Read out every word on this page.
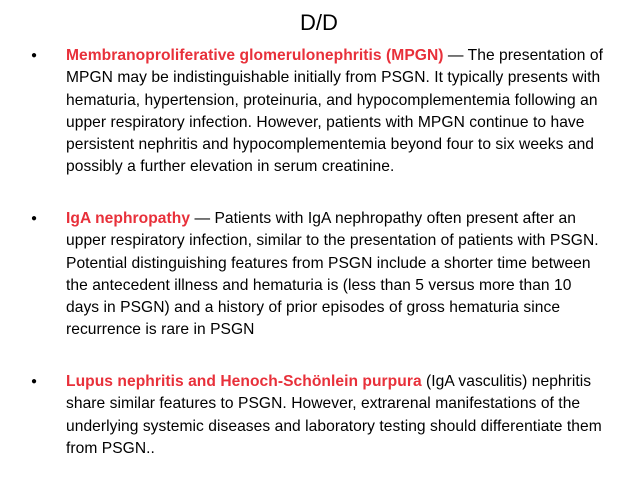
D/D
● Membranoproliferative glomerulonephritis (MPGN) — The presentation of MPGN may be indistinguishable initially from PSGN. It typically presents with hematuria, hypertension, proteinuria, and hypocomplementemia following an upper respiratory infection. However, patients with MPGN continue to have persistent nephritis and hypocomplementemia beyond four to six weeks and possibly a further elevation in serum creatinine.
● IgA nephropathy — Patients with IgA nephropathy often present after an upper respiratory infection, similar to the presentation of patients with PSGN. Potential distinguishing features from PSGN include a shorter time between the antecedent illness and hematuria is (less than 5 versus more than 10 days in PSGN) and a history of prior episodes of gross hematuria since recurrence is rare in PSGN
● Lupus nephritis and Henoch-Schönlein purpura (IgA vasculitis) nephritis share similar features to PSGN. However, extrarenal manifestations of the underlying systemic diseases and laboratory testing should differentiate them from PSGN..
